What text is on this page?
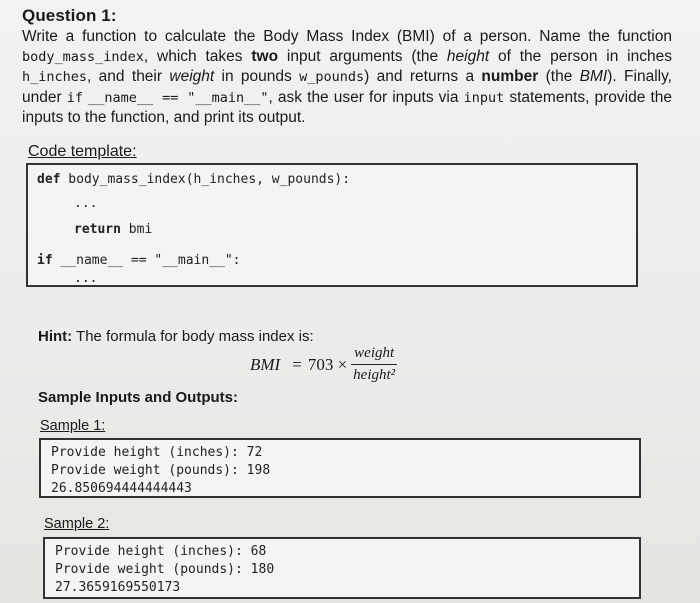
Question 1:
Write a function to calculate the Body Mass Index (BMI) of a person. Name the function body_mass_index, which takes two input arguments (the height of the person in inches h_inches, and their weight in pounds w_pounds) and returns a number (the BMI). Finally, under if __name__ == "__main__", ask the user for inputs via input statements, provide the inputs to the function, and print its output.
Code template:
def body_mass_index(h_inches, w_pounds):
...
return bmi
if __name__ == "__main__":
...
Hint: The formula for body mass index is:
BMI = $703 \times \frac{\text{weight}}{\text{height²}}$
Sample Inputs and Outputs:
Sample 1:
Provide height (inches): 72
Provide weight (pounds): 198
26.850694444444443
Sample 2:
Provide height (inches): 68
Provide weight (pounds): 180
27.3659169550173
